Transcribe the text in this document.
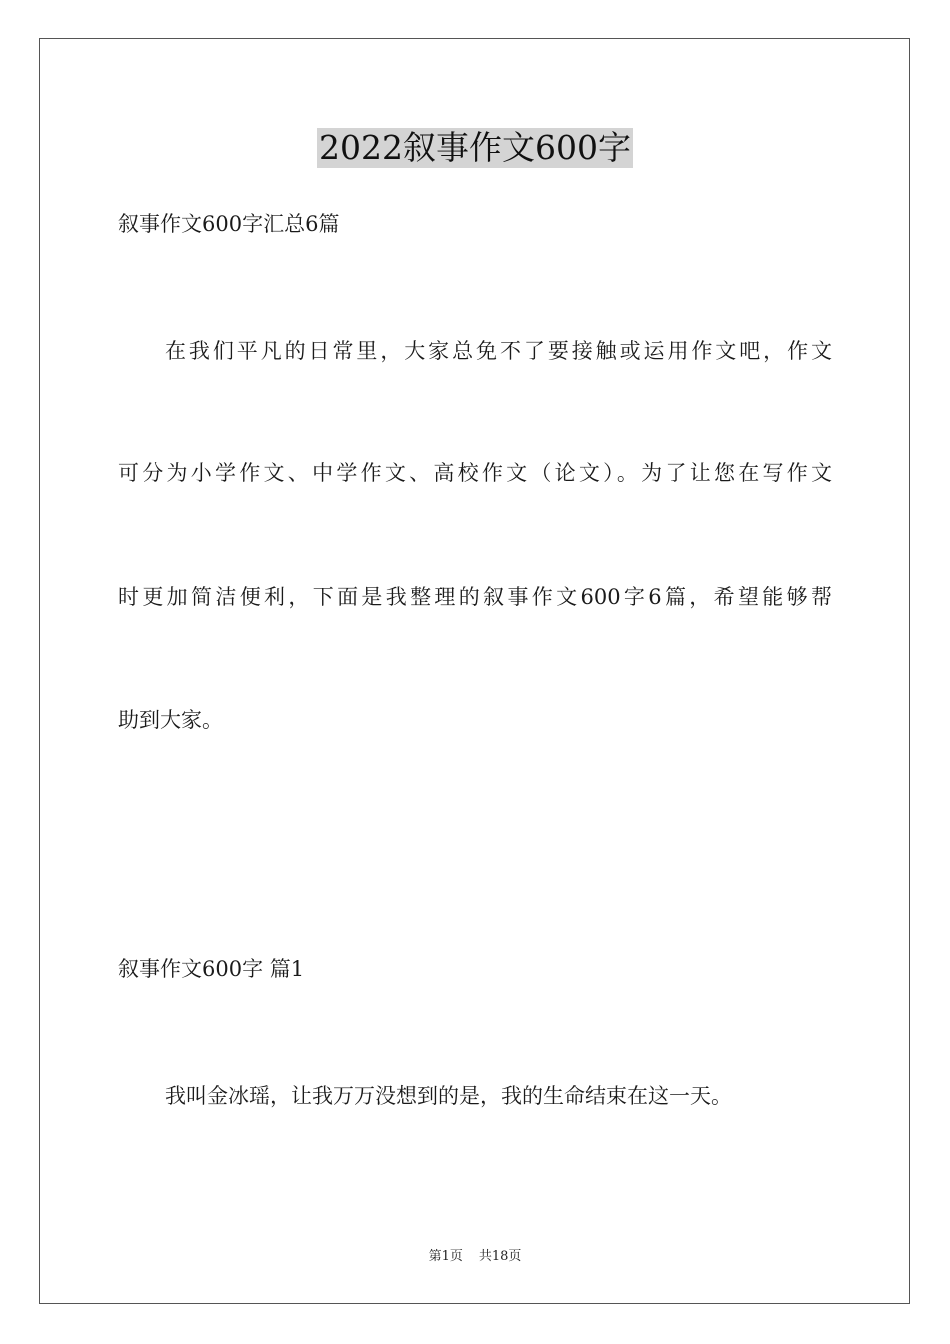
2022叙事作文600字
叙事作文600字汇总6篇
在我们平凡的日常里，大家总免不了要接触或运用作文吧，作文
可分为小学作文、中学作文、高校作文（论文）。为了让您在写作文
时更加简洁便利，下面是我整理的叙事作文600字6篇，希望能够帮
助到大家。
叙事作文600字 篇1
我叫金冰瑶，让我万万没想到的是，我的生命结束在这一天。
第1页 共18页
